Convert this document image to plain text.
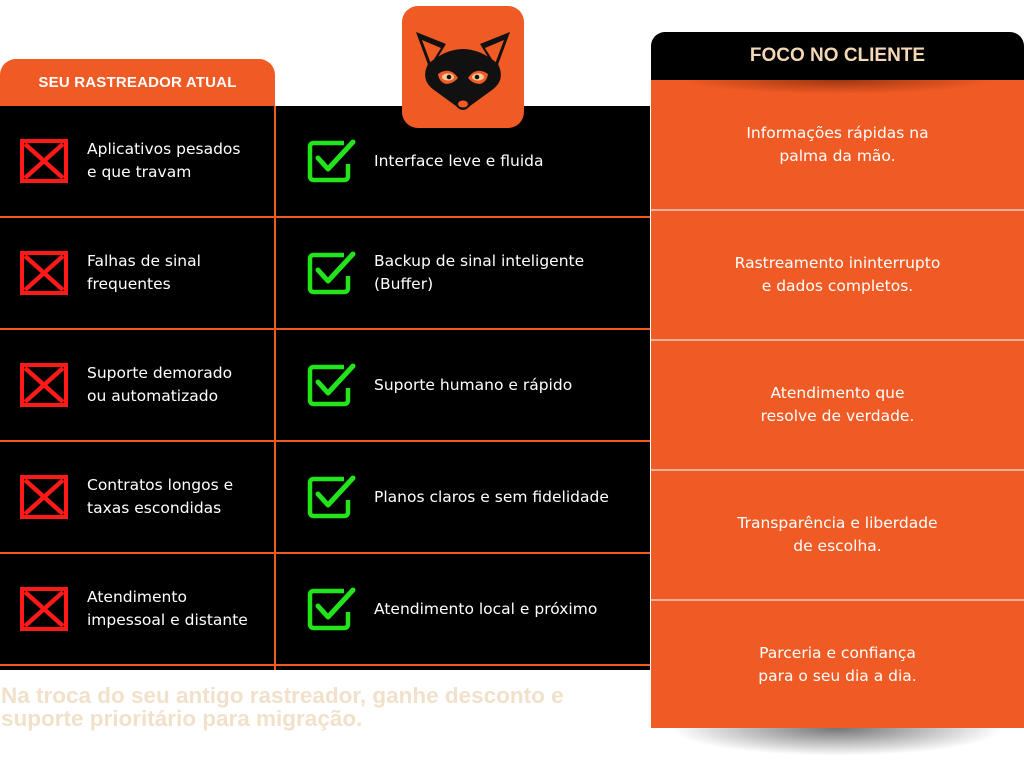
SEU RASTREADOR ATUAL
Aplicativos pesados
e que travam
Interface leve e fluida
Falhas de sinal
frequentes
Backup de sinal inteligente
(Buffer)
Suporte demorado
ou automatizado
Suporte humano e rápido
Contratos longos e
taxas escondidas
Planos claros e sem fidelidade
Atendimento
impessoal e distante
Atendimento local e próximo
FOCO NO CLIENTE
Informações rápidas na
palma da mão.
Rastreamento ininterrupto
e dados completos.
Atendimento que
resolve de verdade.
Transparência e liberdade
de escolha.
Parceria e confiança
para o seu dia a dia.
Na troca do seu antigo rastreador, ganhe desconto e
suporte prioritário para migração.
